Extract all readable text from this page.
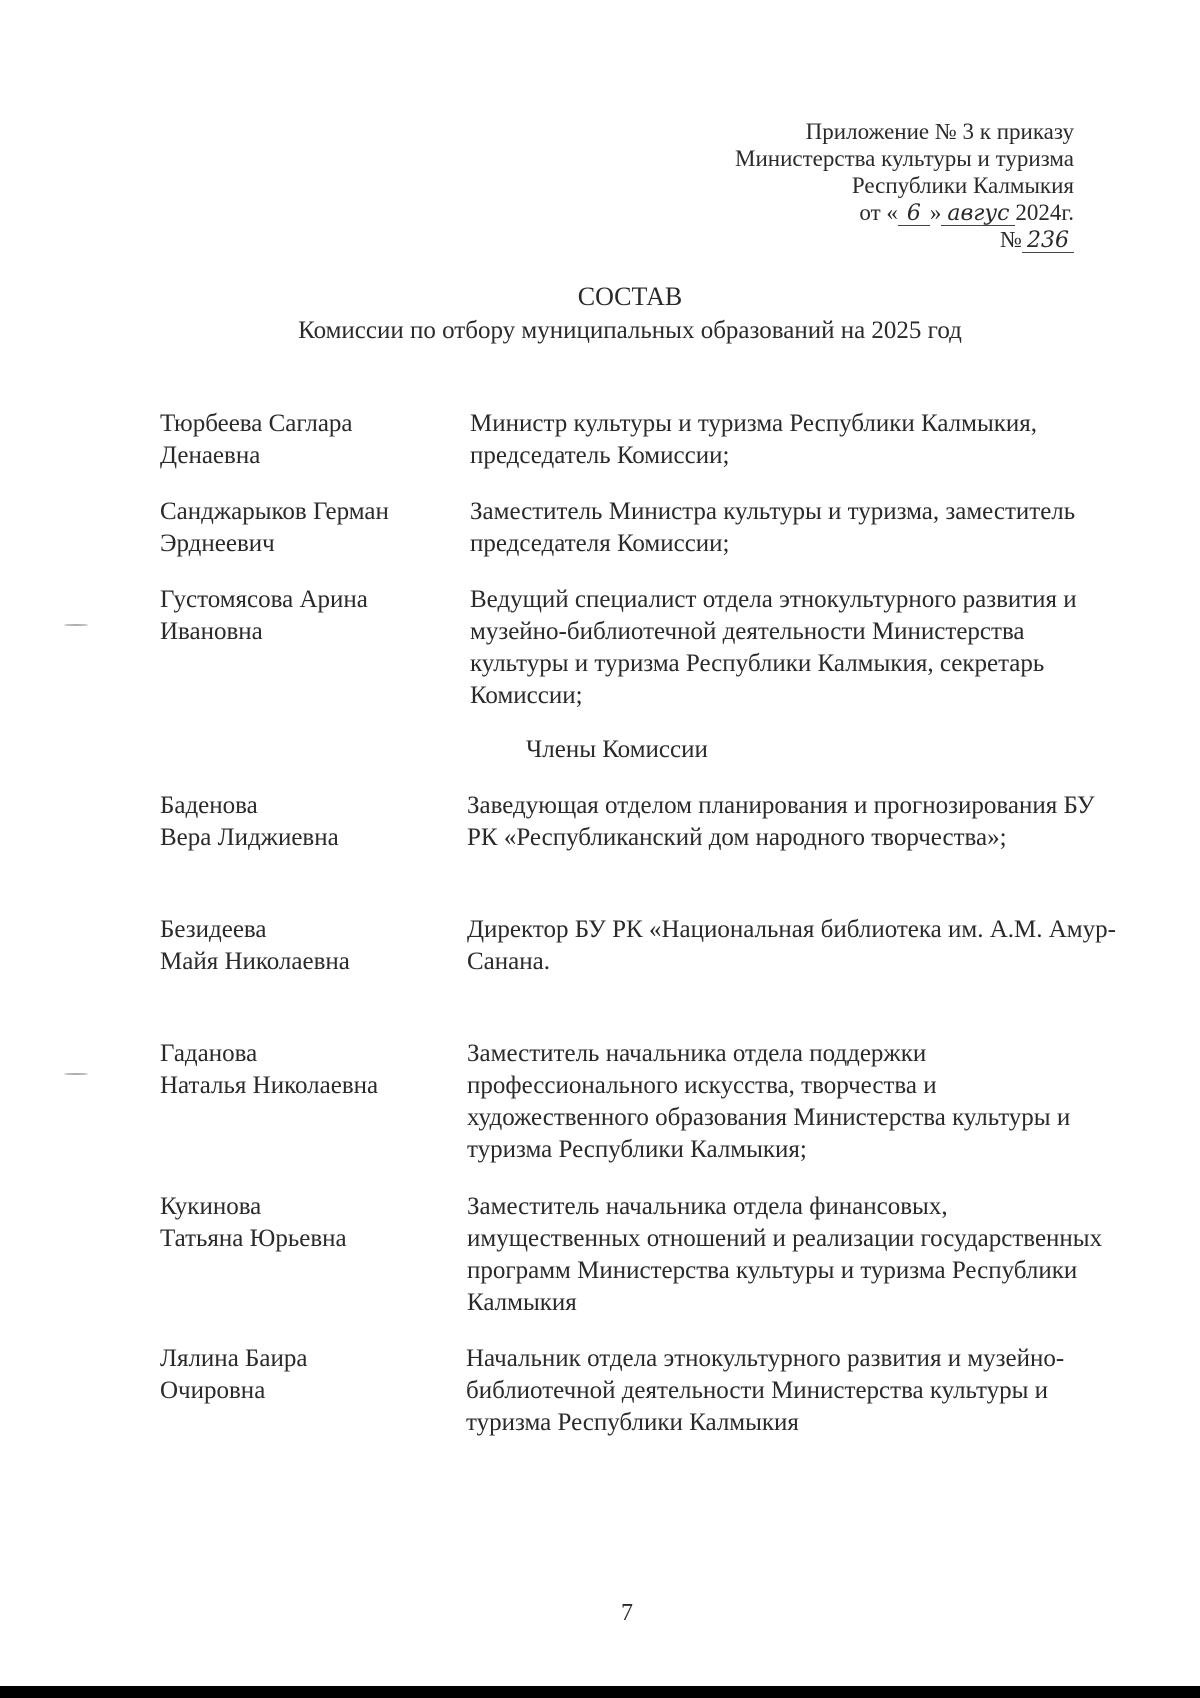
Приложение № 3 к приказу
Министерства культуры и туризма
Республики Калмыкия
от « 6 » авгус 2024г.
№ 236
СОСТАВ
Комиссии по отбору муниципальных образований на 2025 год
Тюрбеева Саглара
Денаевна
Министр культуры и туризма Республики Калмыкия, председатель Комиссии;
Санджарыков Герман
Эрднеевич
Заместитель Министра культуры и туризма, заместитель председателя Комиссии;
Густомясова Арина
Ивановна
Ведущий специалист отдела этнокультурного развития и музейно-библиотечной деятельности Министерства культуры и туризма Республики Калмыкия, секретарь Комиссии;
Члены Комиссии
Баденова
Вера Лиджиевна
Заведующая отделом планирования и прогнозирования БУ РК «Республиканский дом народного творчества»;
Безидеева
Майя Николаевна
Директор БУ РК «Национальная библиотека им. А.М. Амур-Санана.
Гаданова
Наталья Николаевна
Заместитель начальника отдела поддержки профессионального искусства, творчества и художественного образования Министерства культуры и туризма Республики Калмыкия;
Кукинова
Татьяна Юрьевна
Заместитель начальника отдела финансовых, имущественных отношений и реализации государственных программ Министерства культуры и туризма Республики Калмыкия
Лялина Баира
Очировна
Начальник отдела этнокультурного развития и музейно-библиотечной деятельности Министерства культуры и туризма Республики Калмыкия
7
